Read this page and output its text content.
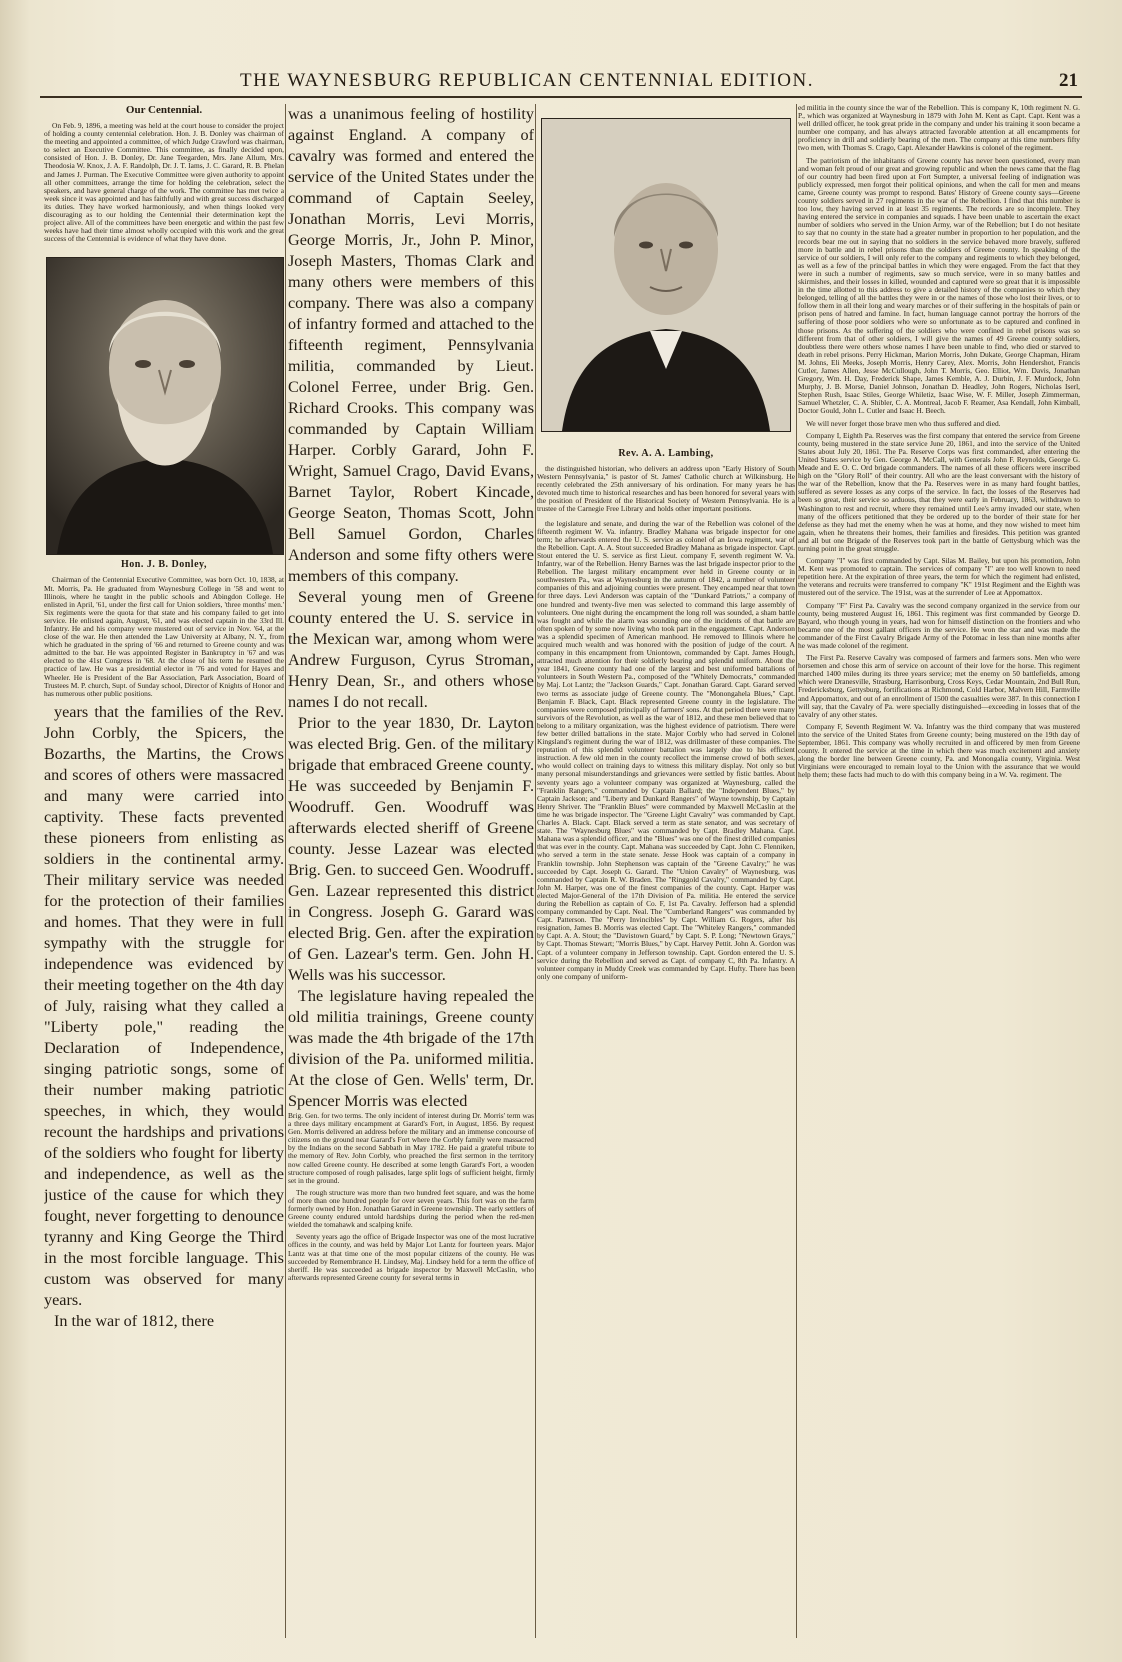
THE WAYNESBURG REPUBLICAN CENTENNIAL EDITION.	21

Our Centennial.

On Feb. 9, 1896, a meeting was held at the court house to consider the project of holding a county centennial celebration. Hon. J. B. Donley was chairman of the meeting and appointed a committee, of which Judge Crawford was chairman, to select an Executive Committee. This committee, as finally decided upon, consisted of Hon. J. B. Donley, Dr. Jane Teegarden, Mrs. Jane Allum, Mrs. Theodosia W. Knox, J. A. F. Randolph, Dr. J. T. Iams, J. C. Garard, R. B. Phelan and James J. Purman. The Executive Committee were given authority to appoint all other committees, arrange the time for holding the celebration, select the speakers, and have general charge of the work. The committee has met twice a week since it was appointed and has faithfully and with great success discharged its duties. They have worked harmoniously, and when things looked very discouraging as to our holding the Centennial their determination kept the project alive. All of the committees have been energetic and within the past few weeks have had their time almost wholly occupied with this work and the great success of the Centennial is evidence of what they have done.

Hon. J. B. Donley,

Chairman of the Centennial Executive Committee, was born Oct. 10, 1838, at Mt. Morris, Pa. He graduated from Waynesburg College in '58 and went to Illinois, where he taught in the public schools and Abingdon College. He enlisted in April, '61, under the first call for Union soldiers, 'three months' men.' Six regiments were the quota for that state and his company failed to get into service. He enlisted again, August, '61, and was elected captain in the 33rd Ill. Infantry. He and his company were mustered out of service in Nov. '64, at the close of the war. He then attended the Law University at Albany, N. Y., from which he graduated in the spring of '66 and returned to Greene county and was admitted to the bar. He was appointed Register in Bankruptcy in '67 and was elected to the 41st Congress in '68. At the close of his term he resumed the practice of law. He was a presidential elector in '76 and voted for Hayes and Wheeler. He is President of the Bar Association, Park Association, Board of Trustees M. P. church, Supt. of Sunday school, Director of Knights of Honor and has numerous other public positions.

years that the families of the Rev. John Corbly, the Spicers, the Bozarths, the Martins, the Crows and scores of others were massacred and many were carried into captivity. These facts prevented these pioneers from enlisting as soldiers in the continental army. Their military service was needed for the protection of their families and homes. That they were in full sympathy with the struggle for independence was evidenced by their meeting together on the 4th day of July, raising what they called a "Liberty pole," reading the Declaration of Independence, singing patriotic songs, some of their number making patriotic speeches, in which, they would recount the hardships and privations of the soldiers who fought for liberty and independence, as well as the justice of the cause for which they fought, never forgetting to denounce tyranny and King George the Third in the most forcible language. This custom was observed for many years.

In the war of 1812, there

was a unanimous feeling of hostility against England. A company of cavalry was formed and entered the service of the United States under the command of Captain Seeley, Jonathan Morris, Levi Morris, George Morris, Jr., John P. Minor, Joseph Masters, Thomas Clark and many others were members of this company. There was also a company of infantry formed and attached to the fifteenth regiment, Pennsylvania militia, commanded by Lieut. Colonel Ferree, under Brig. Gen. Richard Crooks. This company was commanded by Captain William Harper. Corbly Garard, John F. Wright, Samuel Crago, David Evans, Barnet Taylor, Robert Kincade, George Seaton, Thomas Scott, John Bell Samuel Gordon, Charles Anderson and some fifty others were members of this company.

Several young men of Greene county entered the U. S. service in the Mexican war, among whom were Andrew Furguson, Cyrus Stroman, Henry Dean, Sr., and others whose names I do not recall.

Prior to the year 1830, Dr. Layton was elected Brig. Gen. of the military brigade that embraced Greene county. He was succeeded by Benjamin F. Woodruff. Gen. Woodruff was afterwards elected sheriff of Greene county. Jesse Lazear was elected Brig. Gen. to succeed Gen. Woodruff. Gen. Lazear represented this district in Congress. Joseph G. Garard was elected Brig. Gen. after the expiration of Gen. Lazear's term. Gen. John H. Wells was his successor.

The legislature having repealed the old militia trainings, Greene county was made the 4th brigade of the 17th division of the Pa. uniformed militia. At the close of Gen. Wells' term, Dr. Spencer Morris was elected

Brig. Gen. for two terms. The only incident of interest during Dr. Morris' term was a three days military encampment at Garard's Fort, in August, 1856. By request Gen. Morris delivered an address before the military and an immense concourse of citizens on the ground near Garard's Fort where the Corbly family were massacred by the Indians on the second Sabbath in May 1782. He paid a grateful tribute to the memory of Rev. John Corbly, who preached the first sermon in the territory now called Greene county. He described at some length Garard's Fort, a wooden structure composed of rough palisades, large split logs of sufficient height, firmly set in the ground.

The rough structure was more than two hundred feet square, and was the home of more than one hundred people for over seven years. This fort was on the farm formerly owned by Hon. Jonathan Garard in Greene township. The early settlers of Greene county endured untold hardships during the period when the red-men wielded the tomahawk and scalping knife.

Seventy years ago the office of Brigade Inspector was one of the most lucrative offices in the county, and was held by Major Lot Lantz for fourteen years. Major Lantz was at that time one of the most popular citizens of the county. He was succeeded by Remembrance H. Lindsey, Maj. Lindsey held for a term the office of sheriff. He was succeeded as brigade inspector by Maxwell McCaslin, who afterwards represented Greene county for several terms in

Rev. A. A. Lambing,

the distinguished historian, who delivers an address upon "Early History of South Western Pennsylvania," is pastor of St. James' Catholic church at Wilkinsburg. He recently celebrated the 25th anniversary of his ordination. For many years he has devoted much time to historical researches and has been honored for several years with the position of President of the Historical Society of Western Pennsylvania. He is a trustee of the Carnegie Free Library and holds other important positions.

the legislature and senate, and during the war of the Rebellion was colonel of the fifteenth regiment W. Va. infantry. Bradley Mahana was brigade inspector for one term; he afterwards entered the U. S. service as colonel of an Iowa regiment, war of the Rebellion. Capt. A. A. Stout succeeded Bradley Mahana as brigade inspector. Capt. Stout entered the U. S. service as first Lieut. company F, seventh regiment W. Va. Infantry, war of the Rebellion. Henry Barnes was the last brigade inspector prior to the Rebellion. The largest military encampment ever held in Greene county or in southwestern Pa., was at Waynesburg in the autumn of 1842, a number of volunteer companies of this and adjoining counties were present. They encamped near that town for three days. Levi Anderson was captain of the "Dunkard Patriots," a company of one hundred and twenty-five men was selected to command this large assembly of volunteers. One night during the encampment the long roll was sounded, a sham battle was fought and while the alarm was sounding one of the incidents of that battle are often spoken of by some now living who took part in the engagement. Capt. Anderson was a splendid specimen of American manhood. He removed to Illinois where he acquired much wealth and was honored with the position of judge of the court. A company in this encampment from Uniontown, commanded by Capt. James Hough, attracted much attention for their soldierly bearing and splendid uniform. About the year 1841, Greene county had one of the largest and best uniformed battalions of volunteers in South Western Pa., composed of the "Whitely Democrats," commanded by Maj. Lot Lantz; the "Jackson Guards," Capt. Jonathan Garard. Capt. Garard served two terms as associate judge of Greene county. The "Monongahela Blues," Capt. Benjamin F. Black, Capt. Black represented Greene county in the legislature. The companies were composed principally of farmers' sons. At that period there were many survivors of the Revolution, as well as the war of 1812, and these men believed that to belong to a military organization, was the highest evidence of patriotism. There were few better drilled battalions in the state. Major Corbly who had served in Colonel Kingsland's regiment during the war of 1812, was drillmaster of these companies. The reputation of this splendid volunteer battalion was largely due to his efficient instruction. A few old men in the county recollect the immense crowd of both sexes, who would collect on training days to witness this military display. Not only so but many personal misunderstandings and grievances were settled by fistic battles. About seventy years ago a volunteer company was organized at Waynesburg, called the "Franklin Rangers," commanded by Captain Ballard; the "Independent Blues," by Captain Jackson; and "Liberty and Dunkard Rangers" of Wayne township, by Captain Henry Shriver. The "Franklin Blues" were commanded by Maxwell McCaslin at the time he was brigade inspector. The "Greene Light Cavalry" was commanded by Capt. Charles A. Black. Capt. Black served a term as state senator, and was secretary of state. The "Waynesburg Blues" was commanded by Capt. Bradley Mahana. Capt. Mahana was a splendid officer, and the "Blues" was one of the finest drilled companies that was ever in the county. Capt. Mahana was succeeded by Capt. John C. Flenniken, who served a term in the state senate. Jesse Hook was captain of a company in Franklin township. John Stephenson was captain of the "Greene Cavalry;" he was succeeded by Capt. Joseph G. Garard. The "Union Cavalry" of Waynesburg, was commanded by Captain R. W. Braden. The "Ringgold Cavalry," commanded by Capt. John M. Harper, was one of the finest companies of the county. Capt. Harper was elected Major-General of the 17th Division of Pa. militia. He entered the service during the Rebellion as captain of Co. F, 1st Pa. Cavalry. Jefferson had a splendid company commanded by Capt. Neal. The "Cumberland Rangers" was commanded by Capt. Patterson. The "Perry Invincibles" by Capt. William G. Rogers, after his resignation, James B. Morris was elected Capt. The "Whiteley Rangers," commanded by Capt. A. A. Stout; the "Davistown Guard," by Capt. S. P. Long; "Newtown Grays," by Capt. Thomas Stewart; "Morris Blues," by Capt. Harvey Pettit. John A. Gordon was Capt. of a volunteer company in Jefferson township. Capt. Gordon entered the U. S. service during the Rebellion and served as Capt. of company C, 8th Pa. Infantry. A volunteer company in Muddy Creek was commanded by Capt. Hufty. There has been only one company of uniform-

ed militia in the county since the war of the Rebellion. This is company K, 10th regiment N. G. P., which was organized at Waynesburg in 1879 with John M. Kent as Capt. Capt. Kent was a well drilled officer, he took great pride in the company and under his training it soon became a number one company, and has always attracted favorable attention at all encampments for proficiency in drill and soldierly bearing of the men. The company at this time numbers fifty two men, with Thomas S. Crago, Capt. Alexander Hawkins is colonel of the regiment.

The patriotism of the inhabitants of Greene county has never been questioned, every man and woman felt proud of our great and growing republic and when the news came that the flag of our country had been fired upon at Fort Sumpter, a universal feeling of indignation was publicly expressed, men forgot their political opinions, and when the call for men and means came, Greene county was prompt to respond. Bates' History of Greene county says—Greene county soldiers served in 27 regiments in the war of the Rebellion. I find that this number is too low, they having served in at least 35 regiments. The records are so incomplete. They having entered the service in companies and squads. I have been unable to ascertain the exact number of soldiers who served in the Union Army, war of the Rebellion; but I do not hesitate to say that no county in the state had a greater number in proportion to her population, and the records bear me out in saying that no soldiers in the service behaved more bravely, suffered more in battle and in rebel prisons than the soldiers of Greene county. In speaking of the service of our soldiers, I will only refer to the company and regiments to which they belonged, as well as a few of the principal battles in which they were engaged. From the fact that they were in such a number of regiments, saw so much service, were in so many battles and skirmishes, and their losses in killed, wounded and captured were so great that it is impossible in the time allotted to this address to give a detailed history of the companies to which they belonged, telling of all the battles they were in or the names of those who lost their lives, or to follow them in all their long and weary marches or of their suffering in the hospitals of pain or prison pens of hatred and famine. In fact, human language cannot portray the horrors of the suffering of those poor soldiers who were so unfortunate as to be captured and confined in those prisons. As the suffering of the soldiers who were confined in rebel prisons was so different from that of other soldiers, I will give the names of 49 Greene county soldiers, doubtless there were others whose names I have been unable to find, who died or starved to death in rebel prisons. Perry Hickman, Marion Morris, John Dukate, George Chapman, Hiram M. Johns, Eli Meeks, Joseph Morris, Henry Carey, Alex. Morris, John Hendershot, Francis Cutler, James Allen, Jesse McCullough, John T. Morris, Geo. Elliot, Wm. Davis, Jonathan Gregory, Wm. H. Day, Frederick Shape, James Kemble, A. J. Durbin, J. F. Murdock, John Murphy, J. B. Morse, Daniel Johnson, Jonathan D. Headley, John Rogers, Nicholas Iserl, Stephen Rush, Isaac Stiles, George Whiletiz, Isaac Wise, W. F. Miller, Joseph Zimmerman, Samuel Whetzler, C. A. Shibler, C. A. Montreal, Jacob F. Reamer, Asa Kendall, John Kimball, Doctor Gould, John L. Cutler and Isaac H. Beech.

We will never forget those brave men who thus suffered and died.

Company I, Eighth Pa. Reserves was the first company that entered the service from Greene county, being mustered in the state service June 20, 1861, and into the service of the United States about July 20, 1861. The Pa. Reserve Corps was first commanded, after entering the United States service by Gen. George A. McCall, with Generals John F. Reynolds, George G. Meade and E. O. C. Ord brigade commanders. The names of all these officers were inscribed high on the "Glory Roll" of their country. All who are the least conversant with the history of the war of the Rebellion, know that the Pa. Reserves were in as many hard fought battles, suffered as severe losses as any corps of the service. In fact, the losses of the Reserves had been so great, their service so arduous, that they were early in February, 1863, withdrawn to Washington to rest and recruit, where they remained until Lee's army invaded our state, when many of the officers petitioned that they be ordered up to the border of their state for her defense as they had met the enemy when he was at home, and they now wished to meet him again, when he threatens their homes, their families and firesides. This petition was granted and all but one Brigade of the Reserves took part in the battle of Gettysburg which was the turning point in the great struggle.

Company "I" was first commanded by Capt. Silas M. Bailey, but upon his promotion, John M. Kent was promoted to captain. The services of company "I" are too well known to need repetition here. At the expiration of three years, the term for which the regiment had enlisted, the veterans and recruits were transferred to company "K" 191st Regiment and the Eighth was mustered out of the service. The 191st, was at the surrender of Lee at Appomattox.

Company "F" First Pa. Cavalry was the second company organized in the service from our county, being mustered August 16, 1861. This regiment was first commanded by George D. Bayard, who though young in years, had won for himself distinction on the frontiers and who became one of the most gallant officers in the service. He won the star and was made the commander of the First Cavalry Brigade Army of the Potomac in less than nine months after he was made colonel of the regiment.

The First Pa. Reserve Cavalry was composed of farmers and farmers sons. Men who were horsemen and chose this arm of service on account of their love for the horse. This regiment marched 1400 miles during its three years service; met the enemy on 50 battlefields, among which were Dranesville, Strasburg, Harrisonburg, Cross Keys, Cedar Mountain, 2nd Bull Run, Fredericksburg, Gettysburg, fortifications at Richmond, Cold Harbor, Malvern Hill, Farmville and Appomattox, and out of an enrollment of 1500 the casualties were 387. In this connection I will say, that the Cavalry of Pa. were specially distinguished—exceeding in losses that of the cavalry of any other states.

Company F, Seventh Regiment W. Va. Infantry was the third company that was mustered into the service of the United States from Greene county; being mustered on the 19th day of September, 1861. This company was wholly recruited in and officered by men from Greene county. It entered the service at the time in which there was much excitement and anxiety along the border line between Greene county, Pa. and Monongalia county, Virginia. West Virginians were encouraged to remain loyal to the Union with the assurance that we would help them; these facts had much to do with this company being in a W. Va. regiment. The
